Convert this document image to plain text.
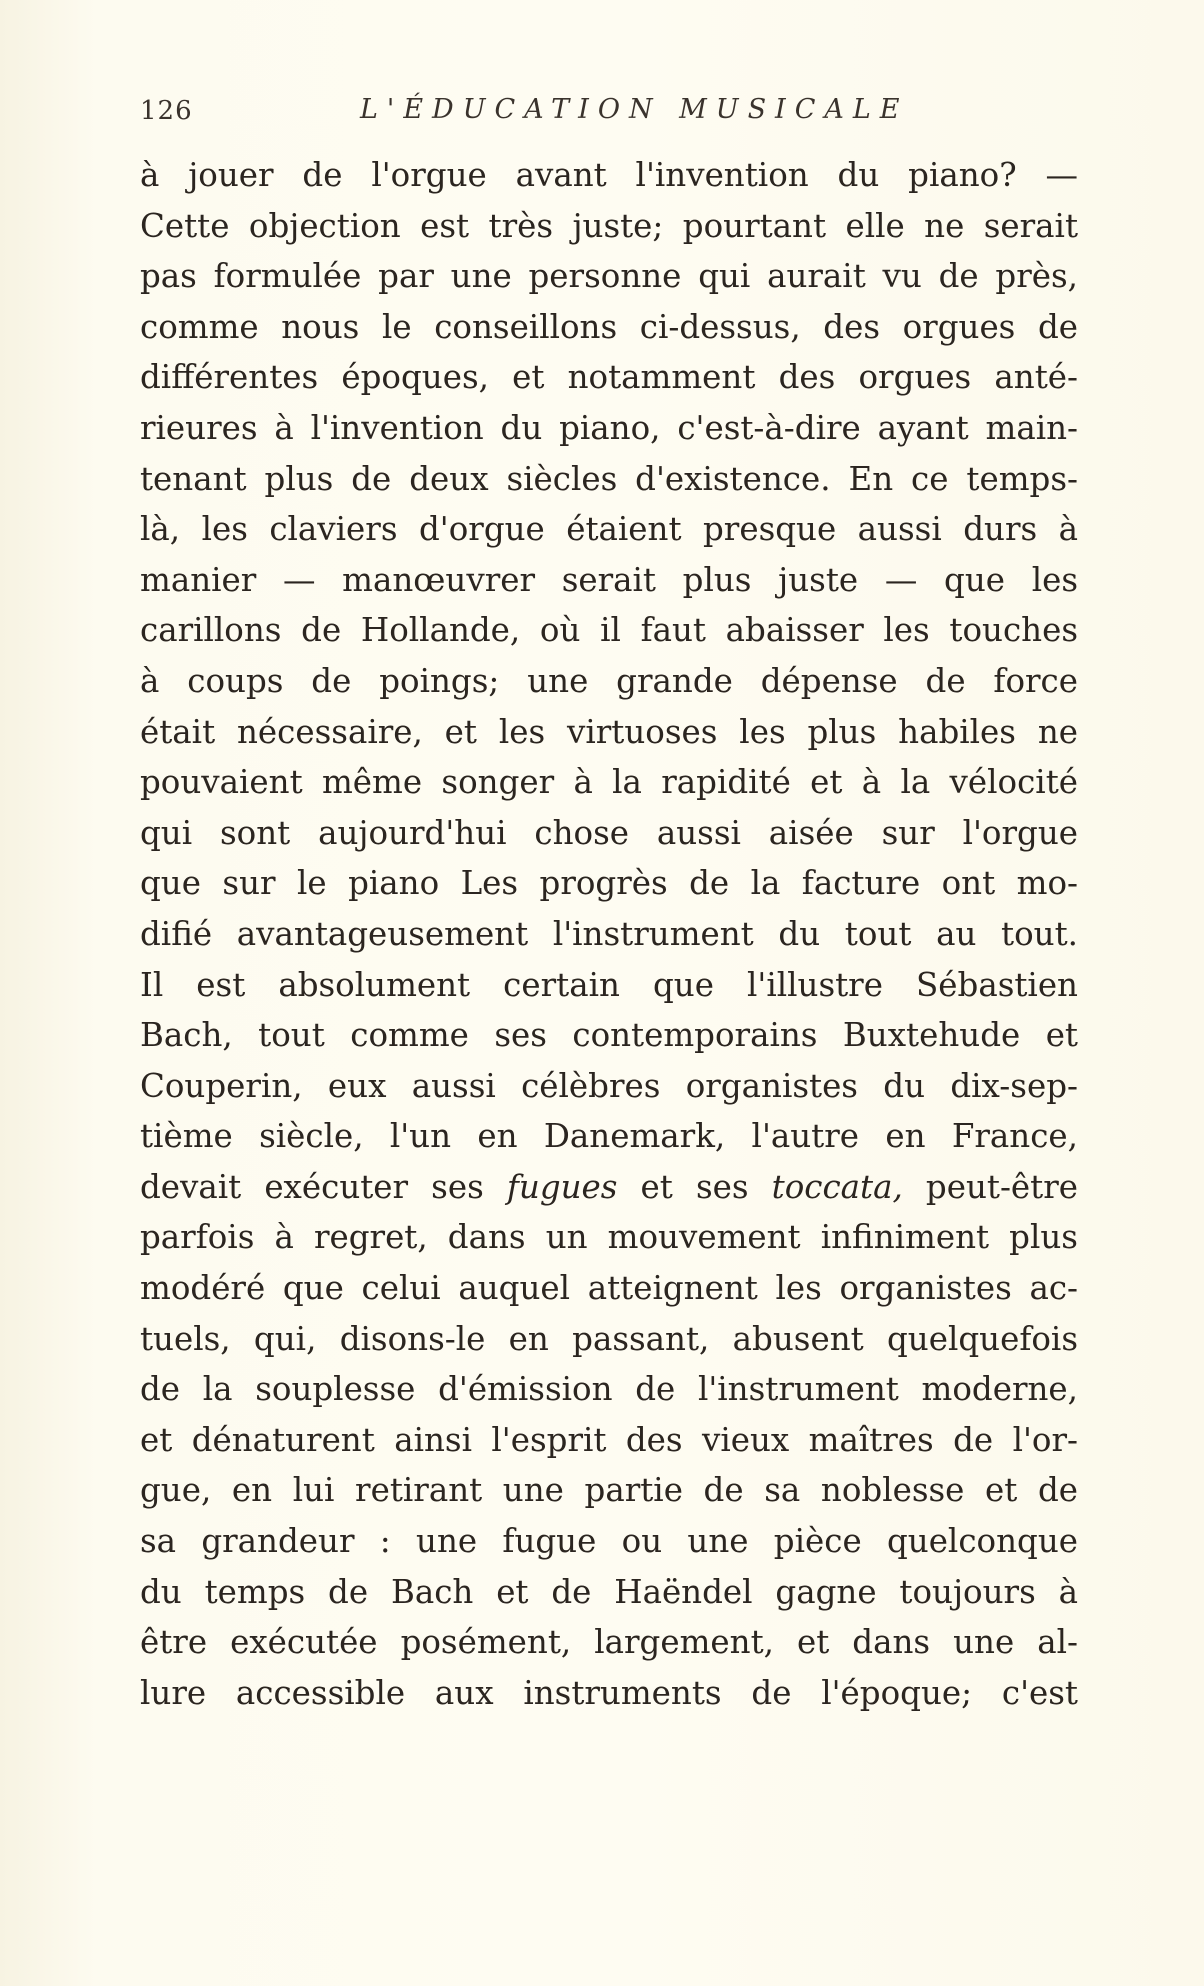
126	L'ÉDUCATION MUSICALE
à jouer de l'orgue avant l'invention du piano? —
Cette objection est très juste; pourtant elle ne serait
pas formulée par une personne qui aurait vu de près,
comme nous le conseillons ci-dessus, des orgues de
différentes époques, et notamment des orgues anté-
rieures à l'invention du piano, c'est-à-dire ayant main-
tenant plus de deux siècles d'existence. En ce temps-
là, les claviers d'orgue étaient presque aussi durs à
manier — manœuvrer serait plus juste — que les
carillons de Hollande, où il faut abaisser les touches
à coups de poings; une grande dépense de force
était nécessaire, et les virtuoses les plus habiles ne
pouvaient même songer à la rapidité et à la vélocité
qui sont aujourd'hui chose aussi aisée sur l'orgue
que sur le piano Les progrès de la facture ont mo-
difié avantageusement l'instrument du tout au tout.
Il est absolument certain que l'illustre Sébastien
Bach, tout comme ses contemporains Buxtehude et
Couperin, eux aussi célèbres organistes du dix-sep-
tième siècle, l'un en Danemark, l'autre en France,
devait exécuter ses fugues et ses toccata, peut-être
parfois à regret, dans un mouvement infiniment plus
modéré que celui auquel atteignent les organistes ac-
tuels, qui, disons-le en passant, abusent quelquefois
de la souplesse d'émission de l'instrument moderne,
et dénaturent ainsi l'esprit des vieux maîtres de l'or-
gue, en lui retirant une partie de sa noblesse et de
sa grandeur : une fugue ou une pièce quelconque
du temps de Bach et de Haëndel gagne toujours à
être exécutée posément, largement, et dans une al-
lure accessible aux instruments de l'époque; c'est
